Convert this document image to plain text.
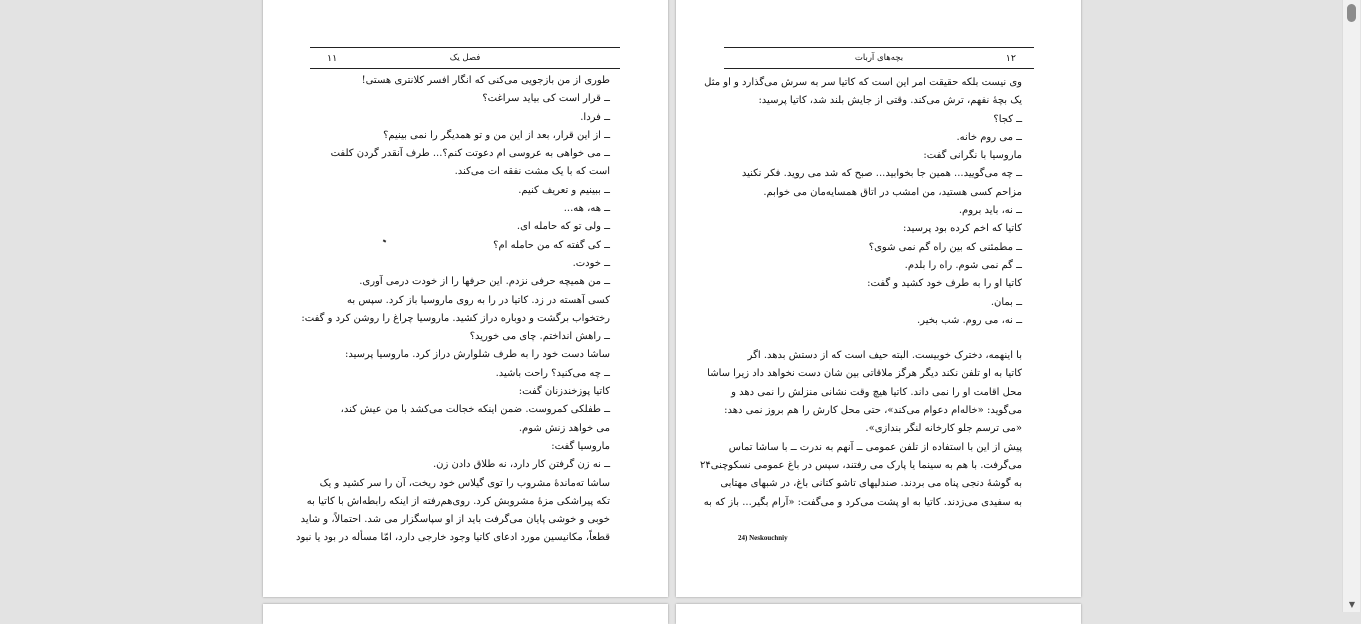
۱۱	فصل یک
طوری از من بازجویی می‌کنی که انگار افسر کلانتری هستی!
ــ قرار است کی بیاید سراغت؟
ــ فردا.
ــ از این قرار، بعد از این من و تو همدیگر را نمی بینیم؟
ــ می خواهی به عروسی ام دعوتت کنم؟... طرف آنقدر گردن کلفت
است که با یک مشت نفقه ات می‌کند.
ــ ببینیم و تعریف کنیم.
ــ هه، هه...
ــ ولی تو که حامله ای.
ــ کی گفته که من حامله ام؟
ــ خودت.
ــ من همیچه حرفی نزدم. این حرفها را از خودت درمی آوری.
کسی آهسته در زد. کاتیا در را به روی ماروسیا باز کرد. سپس به
رختخواب برگشت و دوباره دراز کشید. ماروسیا چراغ را روشن کرد و گفت:
ــ راهش انداختم. چای می خورید؟
ساشا دست خود را به طرف شلوارش دراز کرد. ماروسیا پرسید:
ــ چه می‌کنید؟ راحت باشید.
کاتیا پوزخندزنان گفت:
ــ طفلکی کمروست. ضمن اینکه خجالت می‌کشد با من عیش کند،
می خواهد زنش شوم.
ماروسیا گفت:
ــ نه زن گرفتن کار دارد، نه طلاق دادن زن.
ساشا ته‌ماندهٔ مشروب را توی گیلاس خود ریخت، آن را سر کشید و یک
تکه پیراشکی مزهٔ مشروبش کرد. روی‌هم‌رفته از اینکه رابطه‌اش با کاتیا به
خوبی و خوشی پایان می‌گرفت باید از او سپاسگزار می شد. احتمالاً، و شاید
قطعاً، مکانیسین مورد ادعای کاتیا وجود خارجی دارد، امّا مسأله در بود یا نبود
بچه‌های آربات	۱۲
وی نیست بلکه حقیقت امر این است که کاتیا سر به سرش می‌گذارد و او مثل
یک بچهٔ نفهم، ترش می‌کند. وقتی از جایش بلند شد، کاتیا پرسید:
ــ کجا؟
ــ می روم خانه.
ماروسیا با نگرانی گفت:
ــ چه می‌گویید... همین جا بخوابید... صبح که شد می روید. فکر نکنید
مزاحم کسی هستید، من امشب در اتاق همسایه‌مان می خوابم.
ــ نه، باید بروم.
کاتیا که اخم کرده بود پرسید:
ــ مطمئنی که بین راه گم نمی شوی؟
ــ گم نمی شوم. راه را بلدم.
کاتیا او را به طرف خود کشید و گفت:
ــ بمان.
ــ نه، می روم. شب بخیر.
با اینهمه، دخترک خوبیست. البته حیف است که از دستش بدهد. اگر
کاتیا به او تلفن نکند دیگر هرگز ملاقاتی بین شان دست نخواهد داد زیرا ساشا
محل اقامت او را نمی داند. کاتیا هیچ وقت نشانی منزلش را نمی دهد و
می‌گوید: «خاله‌ام دعوام می‌کند»، حتی محل کارش را هم بروز نمی دهد:
«می ترسم جلو کارخانه لنگر بندازی».
پیش از این با استفاده از تلفن عمومی ــ آنهم به ندرت ــ با ساشا تماس
می‌گرفت. با هم به سینما یا پارک می رفتند، سپس در باغ عمومی نسکوچنی۲۴
به گوشهٔ دنجی پناه می بردند. صندلیهای تاشو کتانی باغ، در شبهای مهتابی
به سفیدی می‌زدند. کاتیا به او پشت می‌کرد و می‌گفت: «آرام بگیر... باز که به
24) Neskouchniy
▼
